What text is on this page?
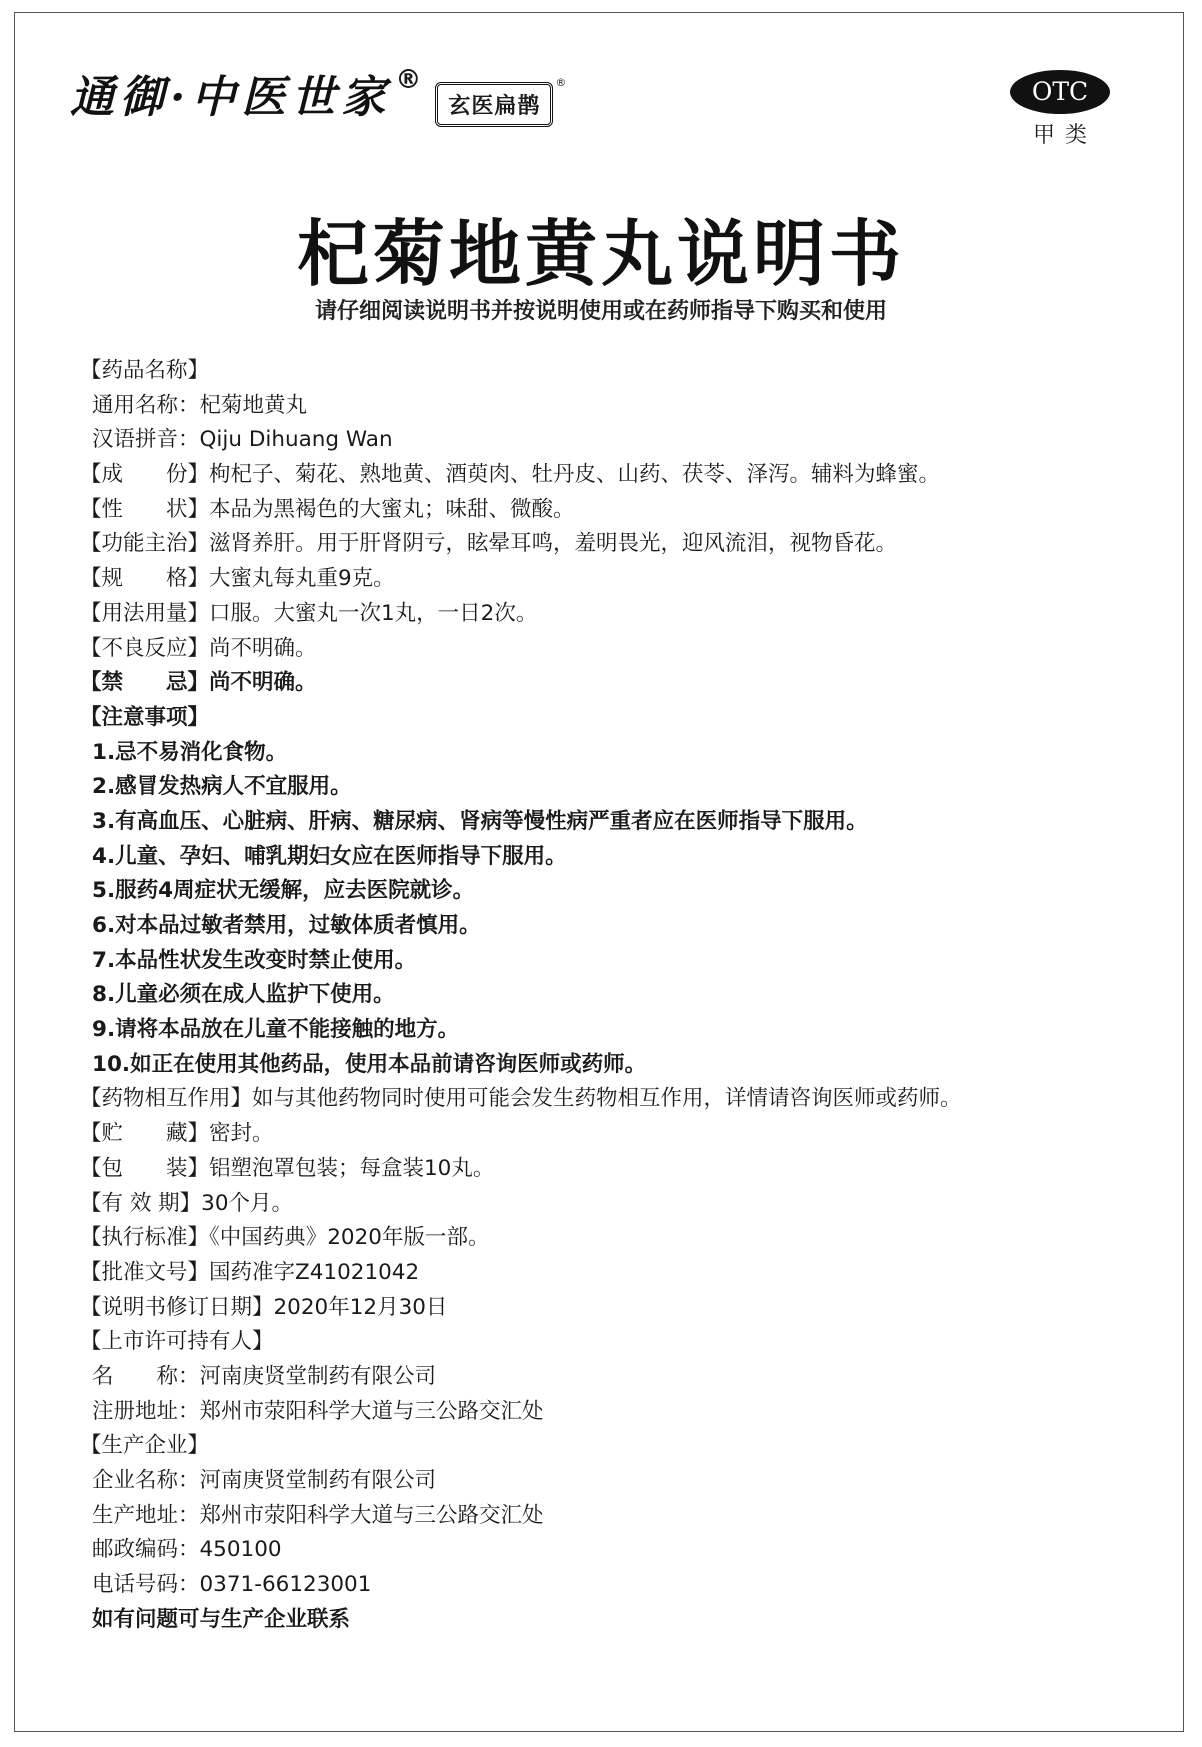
通御·中医世家 ®
玄医扁鹊
®	OTC
甲类
杞菊地黄丸说明书
请仔细阅读说明书并按说明使用或在药师指导下购买和使用
【药品名称】
通用名称：杞菊地黄丸
汉语拼音：Qiju Dihuang Wan
【成　　份】枸杞子、菊花、熟地黄、酒萸肉、牡丹皮、山药、茯苓、泽泻。辅料为蜂蜜。
【性　　状】本品为黑褐色的大蜜丸；味甜、微酸。
【功能主治】滋肾养肝。用于肝肾阴亏，眩晕耳鸣，羞明畏光，迎风流泪，视物昏花。
【规　　格】大蜜丸每丸重9克。
【用法用量】口服。大蜜丸一次1丸，一日2次。
【不良反应】尚不明确。
【禁　　忌】尚不明确。
【注意事项】
1.忌不易消化食物。
2.感冒发热病人不宜服用。
3.有高血压、心脏病、肝病、糖尿病、肾病等慢性病严重者应在医师指导下服用。
4.儿童、孕妇、哺乳期妇女应在医师指导下服用。
5.服药4周症状无缓解，应去医院就诊。
6.对本品过敏者禁用，过敏体质者慎用。
7.本品性状发生改变时禁止使用。
8.儿童必须在成人监护下使用。
9.请将本品放在儿童不能接触的地方。
10.如正在使用其他药品，使用本品前请咨询医师或药师。
【药物相互作用】如与其他药物同时使用可能会发生药物相互作用，详情请咨询医师或药师。
【贮　　藏】密封。
【包　　装】铝塑泡罩包装；每盒装10丸。
【有 效 期】30个月。
【执行标准】《中国药典》2020年版一部。
【批准文号】国药准字Z41021042
【说明书修订日期】2020年12月30日
【上市许可持有人】
名　　称：河南庚贤堂制药有限公司
注册地址：郑州市荥阳科学大道与三公路交汇处
【生产企业】
企业名称：河南庚贤堂制药有限公司
生产地址：郑州市荥阳科学大道与三公路交汇处
邮政编码：450100
电话号码：0371-66123001
如有问题可与生产企业联系
